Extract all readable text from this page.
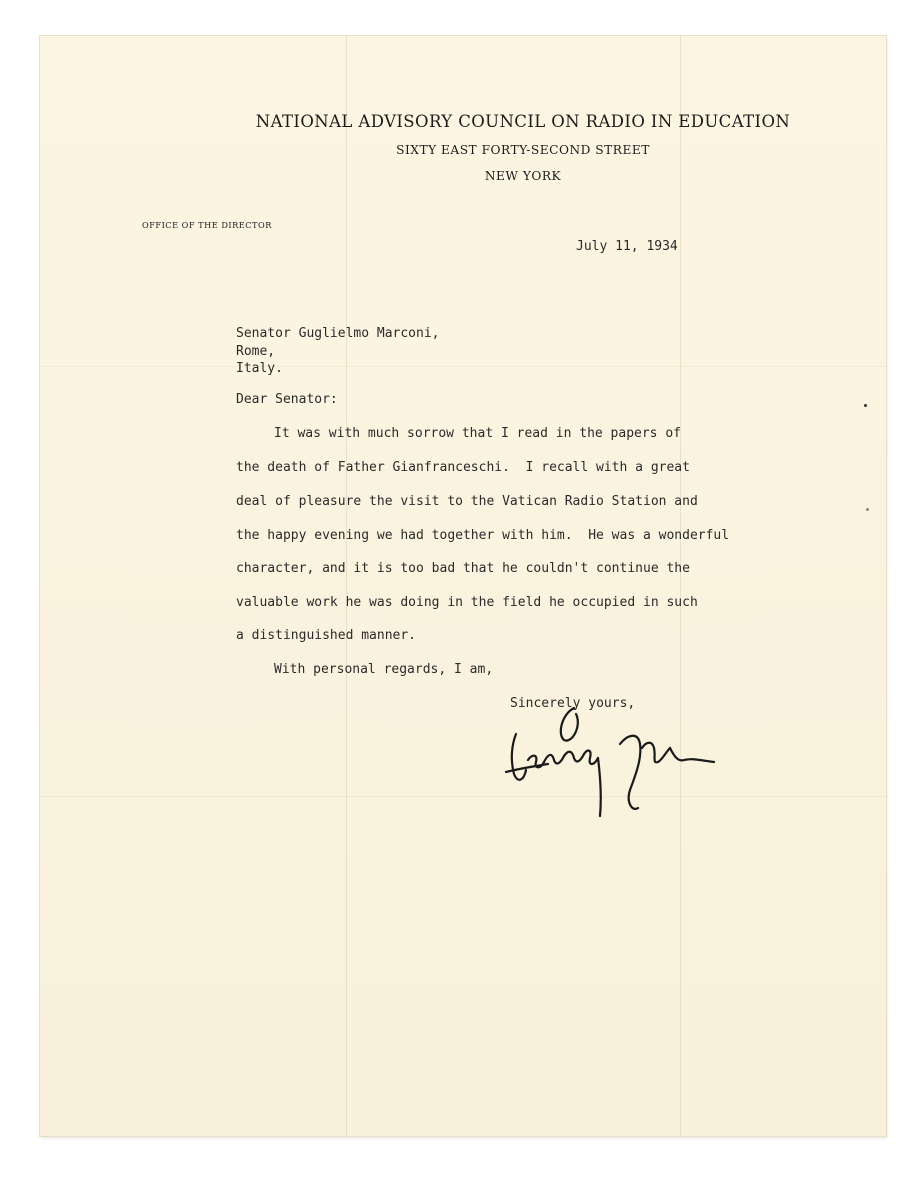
NATIONAL ADVISORY COUNCIL ON RADIO IN EDUCATION
SIXTY EAST FORTY-SECOND STREET
NEW YORK
OFFICE OF THE DIRECTOR
July 11, 1934
Senator Guglielmo Marconi,
Rome,
Italy.
Dear Senator:
It was with much sorrow that I read in the papers of
the death of Father Gianfranceschi.  I recall with a great
deal of pleasure the visit to the Vatican Radio Station and
the happy evening we had together with him.  He was a wonderful
character, and it is too bad that he couldn't continue the
valuable work he was doing in the field he occupied in such
a distinguished manner.
With personal regards, I am,
Sincerely yours,
